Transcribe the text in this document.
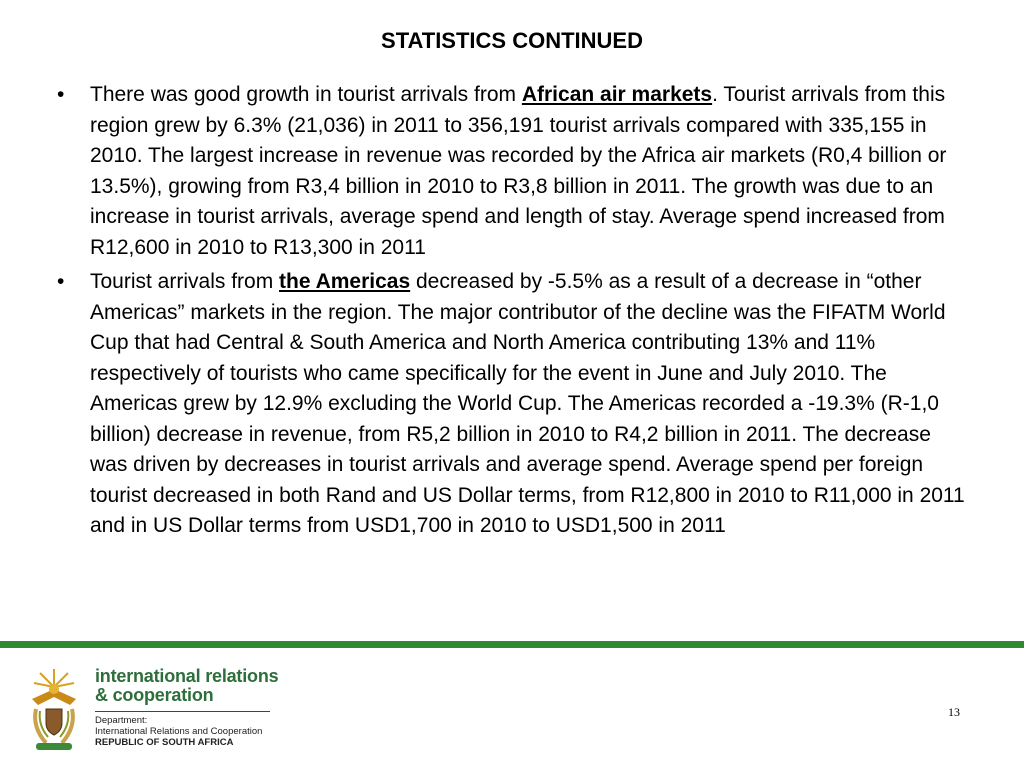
STATISTICS CONTINUED
•	There was good growth in tourist arrivals from African air markets. Tourist arrivals from this region grew by 6.3% (21,036) in 2011 to 356,191 tourist arrivals compared with 335,155 in 2010. The largest increase in revenue was recorded by the Africa air markets (R0,4 billion or 13.5%), growing from R3,4 billion in 2010 to R3,8 billion in 2011. The growth was due to an increase in tourist arrivals, average spend and length of stay. Average spend increased from R12,600 in 2010 to R13,300 in 2011
•	Tourist arrivals from the Americas decreased by -5.5% as a result of a decrease in “other Americas” markets in the region. The major contributor of the decline was the FIFATM World Cup that had Central & South America and North America contributing 13% and 11% respectively of tourists who came specifically for the event in June and July 2010. The Americas grew by 12.9% excluding the World Cup. The Americas recorded a -19.3% (R-1,0 billion) decrease in revenue, from R5,2 billion in 2010 to R4,2 billion in 2011. The decrease was driven by decreases in tourist arrivals and average spend. Average spend per foreign tourist decreased in both Rand and US Dollar terms, from R12,800 in 2010 to R11,000 in 2011 and in US Dollar terms from USD1,700 in 2010 to USD1,500 in 2011
international relations
& cooperation
Department:
International Relations and Cooperation
REPUBLIC OF SOUTH AFRICA
13
